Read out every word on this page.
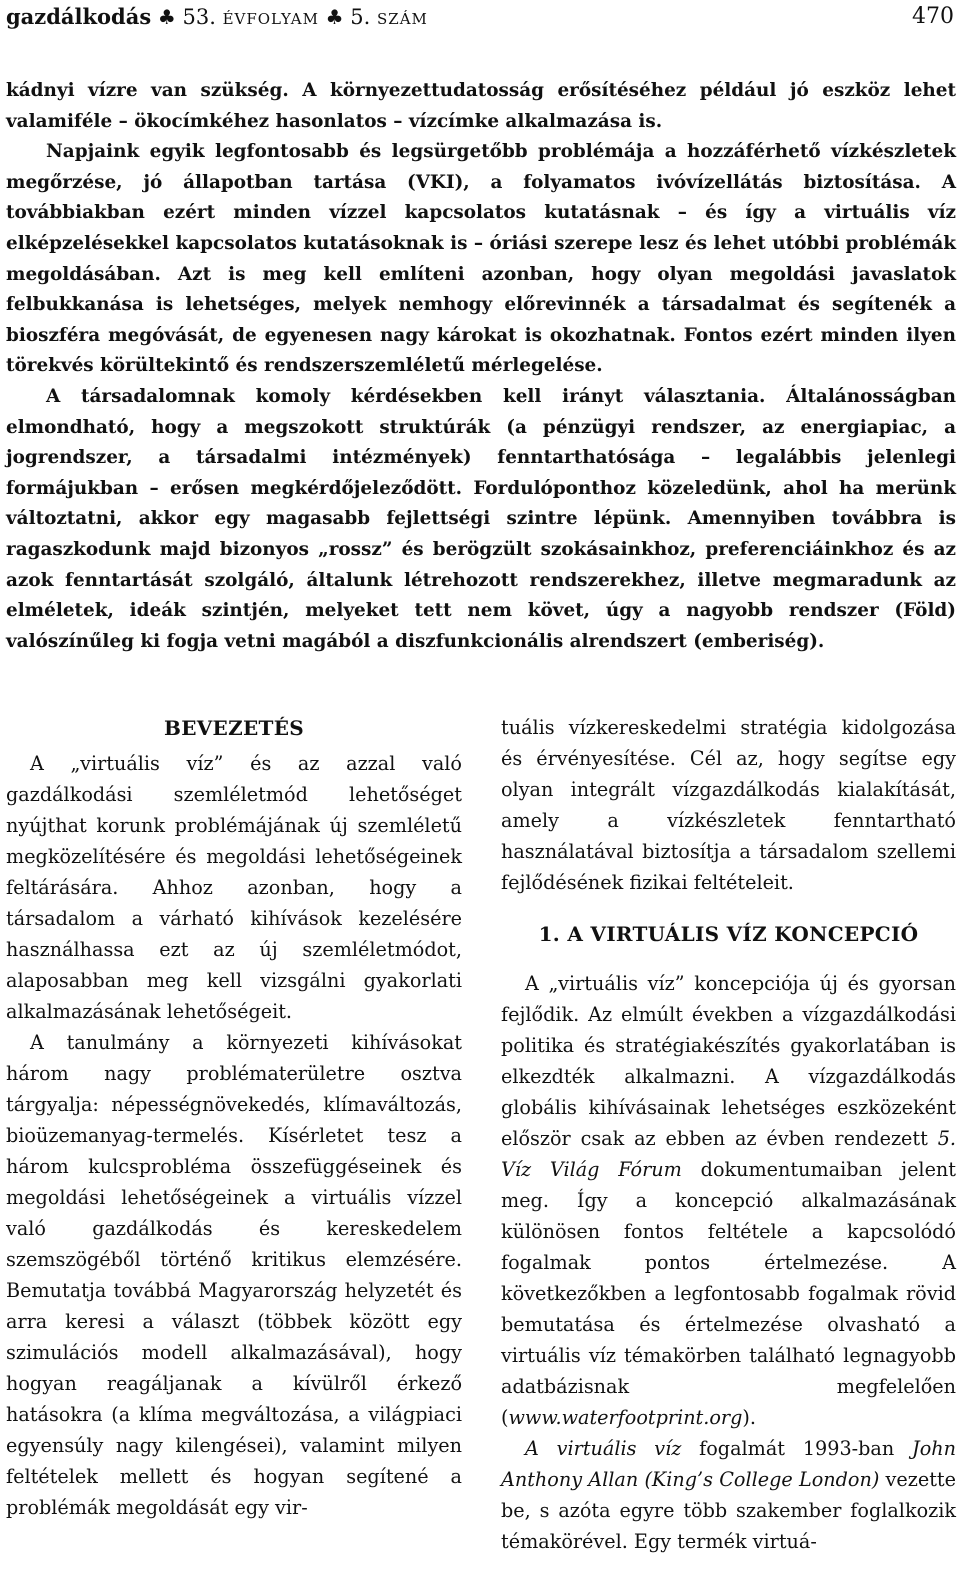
gazdálkodás ♣ 53. ÉVFOLYAM ♣ 5. SZÁM	470

kádnyi vízre van szükség. A környezettudatosság erősítéséhez például jó eszköz lehet valamiféle – ökocímkéhez hasonlatos – vízcímke alkalmazása is.

Napjaink egyik legfontosabb és legsürgetőbb problémája a hozzáférhető vízkészletek megőrzése, jó állapotban tartása (VKI), a folyamatos ivóvízellátás biztosítása. A továbbiakban ezért minden vízzel kapcsolatos kutatásnak – és így a virtuális víz elképzelésekkel kapcsolatos kutatásoknak is – óriási szerepe lesz és lehet utóbbi problémák megoldásában. Azt is meg kell említeni azonban, hogy olyan megoldási javaslatok felbukkanása is lehetséges, melyek nemhogy előrevinnék a társadalmat és segítenék a bioszféra megóvását, de egyenesen nagy károkat is okozhatnak. Fontos ezért minden ilyen törekvés körültekintő és rendszerszemléletű mérlegelése.

A társadalomnak komoly kérdésekben kell irányt választania. Általánosságban elmondható, hogy a megszokott struktúrák (a pénzügyi rendszer, az energiapiac, a jogrendszer, a társadalmi intézmények) fenntarthatósága – legalábbis jelenlegi formájukban – erősen megkérdőjeleződött. Fordulóponthoz közeledünk, ahol ha merünk változtatni, akkor egy magasabb fejlettségi szintre lépünk. Amennyiben továbbra is ragaszkodunk majd bizonyos „rossz” és berögzült szokásainkhoz, preferenciáinkhoz és az azok fenntartását szolgáló, általunk létrehozott rendszerekhez, illetve megmaradunk az elméletek, ideák szintjén, melyeket tett nem követ, úgy a nagyobb rendszer (Föld) valószínűleg ki fogja vetni magából a diszfunkcionális alrendszert (emberiség).

BEVEZETÉS

A „virtuális víz” és az azzal való gazdálkodási szemléletmód lehetőséget nyújthat korunk problémájának új szemléletű megközelítésére és megoldási lehetőségeinek feltárására. Ahhoz azonban, hogy a társadalom a várható kihívások kezelésére használhassa ezt az új szemléletmódot, alaposabban meg kell vizsgálni gyakorlati alkalmazásának lehetőségeit.

A tanulmány a környezeti kihívásokat három nagy problématerületre osztva tárgyalja: népességnövekedés, klímaváltozás, bioüzemanyag-termelés. Kísérletet tesz a három kulcsprobléma összefüggéseinek és megoldási lehetőségeinek a virtuális vízzel való gazdálkodás és kereskedelem szemszögéből történő kritikus elemzésére. Bemutatja továbbá Magyarország helyzetét és arra keresi a választ (többek között egy szimulációs modell alkalmazásával), hogy hogyan reagáljanak a kívülről érkező hatásokra (a klíma megváltozása, a világpiaci egyensúly nagy kilengései), valamint milyen feltételek mellett és hogyan segítené a problémák megoldását egy vir-

tuális vízkereskedelmi stratégia kidolgozása és érvényesítése. Cél az, hogy segítse egy olyan integrált vízgazdálkodás kialakítását, amely a vízkészletek fenntartható használatával biztosítja a társadalom szellemi fejlődésének fizikai feltételeit.

1. A VIRTUÁLIS VÍZ KONCEPCIÓ

A „virtuális víz” koncepciója új és gyorsan fejlődik. Az elmúlt években a vízgazdálkodási politika és stratégiakészítés gyakorlatában is elkezdték alkalmazni. A vízgazdálkodás globális kihívásainak lehetséges eszközeként először csak az ebben az évben rendezett 5. Víz Világ Fórum dokumentumaiban jelent meg. Így a koncepció alkalmazásának különösen fontos feltétele a kapcsolódó fogalmak pontos értelmezése. A következőkben a legfontosabb fogalmak rövid bemutatása és értelmezése olvasható a virtuális víz témakörben található legnagyobb adatbázisnak megfelelően (www.waterfootprint.org).

A virtuális víz fogalmát 1993-ban John Anthony Allan (King’s College London) vezette be, s azóta egyre több szakember foglalkozik témakörével. Egy termék virtuá-
